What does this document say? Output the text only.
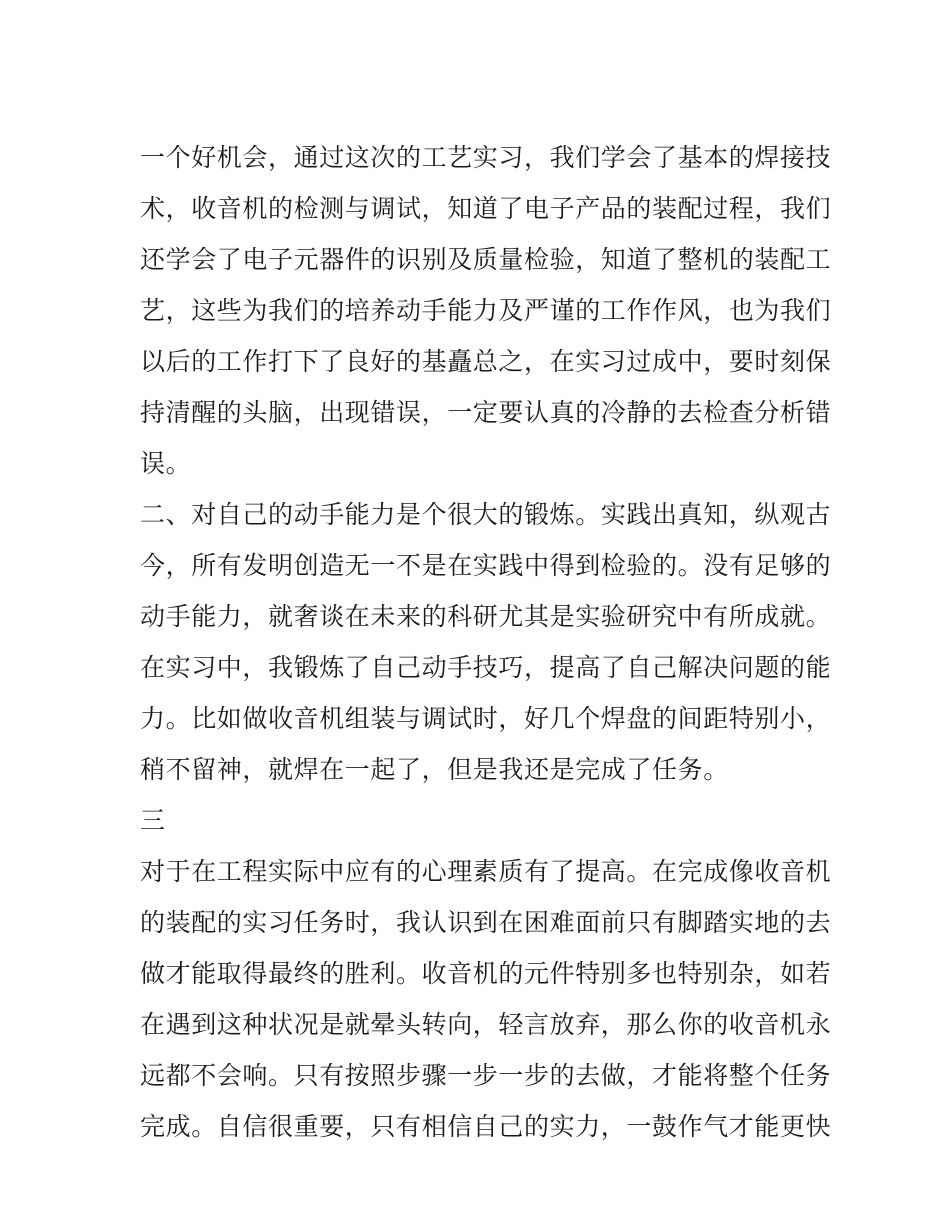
一个好机会，通过这次的工艺实习，我们学会了基本的焊接技
术，收音机的检测与调试，知道了电子产品的装配过程，我们
还学会了电子元器件的识别及质量检验，知道了整机的装配工
艺，这些为我们的培养动手能力及严谨的工作作风，也为我们
以后的工作打下了良好的基矗总之，在实习过成中，要时刻保
持清醒的头脑，出现错误，一定要认真的冷静的去检查分析错
误。
二、对自己的动手能力是个很大的锻炼。实践出真知，纵观古
今，所有发明创造无一不是在实践中得到检验的。没有足够的
动手能力，就奢谈在未来的科研尤其是实验研究中有所成就。
在实习中，我锻炼了自己动手技巧，提高了自己解决问题的能
力。比如做收音机组装与调试时，好几个焊盘的间距特别小，
稍不留神，就焊在一起了，但是我还是完成了任务。
三
对于在工程实际中应有的心理素质有了提高。在完成像收音机
的装配的实习任务时，我认识到在困难面前只有脚踏实地的去
做才能取得最终的胜利。收音机的元件特别多也特别杂，如若
在遇到这种状况是就晕头转向，轻言放弃，那么你的收音机永
远都不会响。只有按照步骤一步一步的去做，才能将整个任务
完成。自信很重要，只有相信自己的实力，一鼓作气才能更快
